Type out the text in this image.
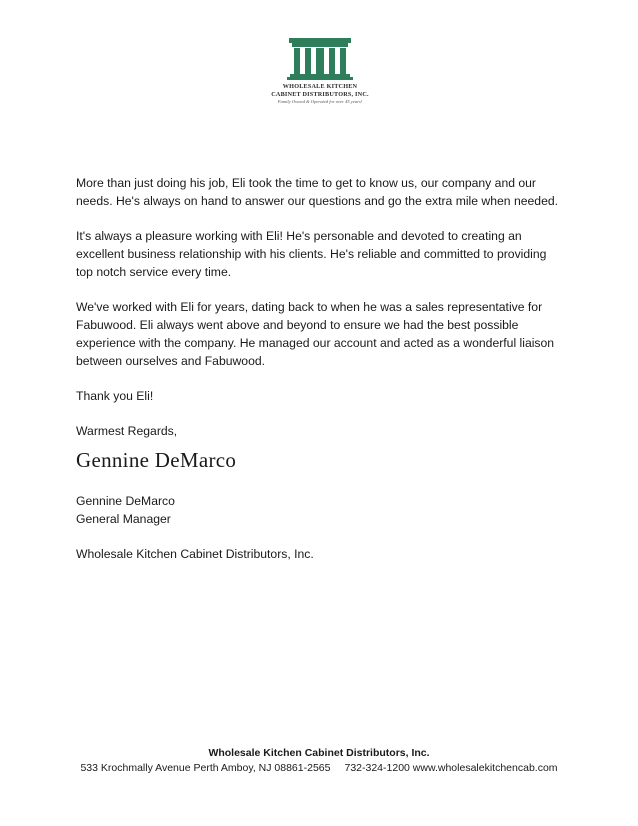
WHOLESALE KITCHEN
CABINET DISTRIBUTORS, INC.
Family Owned & Operated for over 45 years!

More than just doing his job, Eli took the time to get to know us, our company and our needs. He's always on hand to answer our questions and go the extra mile when needed.

It's always a pleasure working with Eli! He's personable and devoted to creating an excellent business relationship with his clients. He's reliable and committed to providing top notch service every time.

We've worked with Eli for years, dating back to when he was a sales representative for Fabuwood. Eli always went above and beyond to ensure we had the best possible experience with the company. He managed our account and acted as a wonderful liaison between ourselves and Fabuwood.

Thank you Eli!

Warmest Regards,

Gennine DeMarco
Gennine DeMarco
General Manager
Wholesale Kitchen Cabinet Distributors, Inc.
Wholesale Kitchen Cabinet Distributors, Inc.
533 Krochmally Avenue Perth Amboy, NJ 08861-2565 732-324-1200 www.wholesalekitchencab.com
